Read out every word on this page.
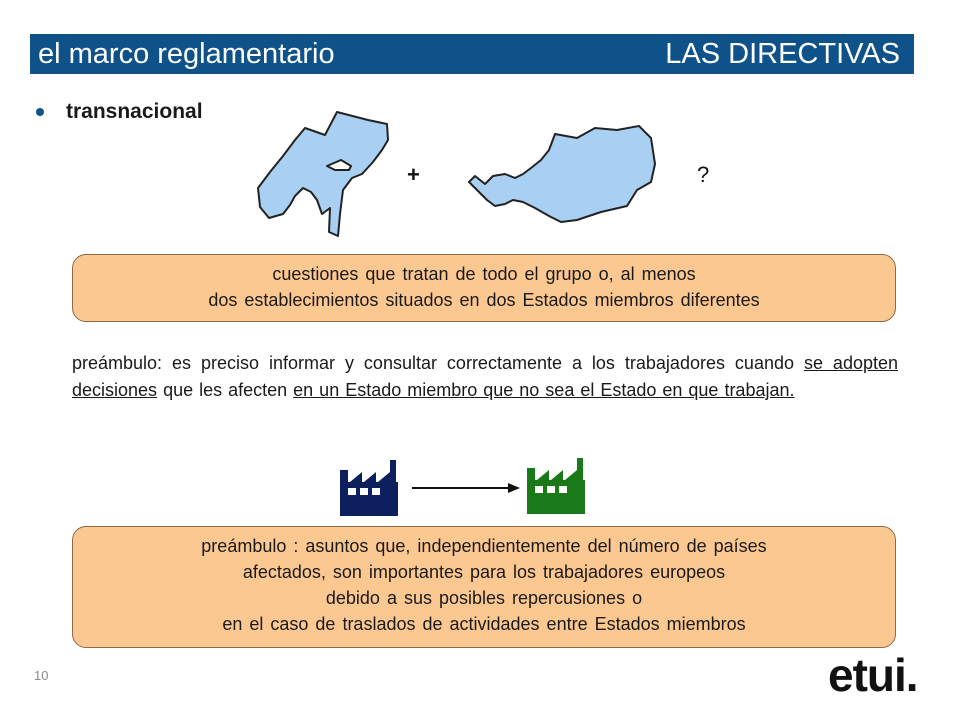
el marco reglamentario	LAS DIRECTIVAS
transnacional
+	?
cuestiones que tratan de todo el grupo o, al menos
dos establecimientos situados en dos Estados miembros diferentes
preámbulo: es preciso informar y consultar correctamente a los trabajadores cuando se adopten decisiones que les afecten en un Estado miembro que no sea el Estado en que trabajan.
preámbulo : asuntos que, independientemente del número de países
afectados, son importantes para los trabajadores europeos
debido a sus posibles repercusiones o
en el caso de traslados de actividades entre Estados miembros
10	etui.
